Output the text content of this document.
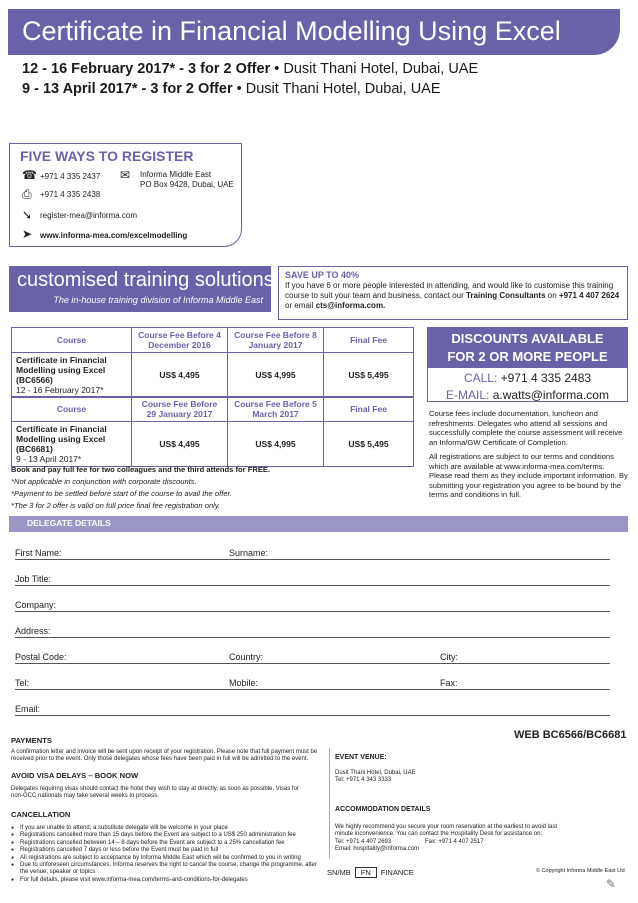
Certificate in Financial Modelling Using Excel
12 - 16 February 2017* - 3 for 2 Offer • Dusit Thani Hotel, Dubai, UAE
9 - 13 April 2017* - 3 for 2 Offer • Dusit Thani Hotel, Dubai, UAE
FIVE WAYS TO REGISTER
☎ +971 4 335 2437
+971 4 335 2438
⎙
✉ Informa Middle East
PO Box 9428, Dubai, UAE
➘ register-mea@informa.com
➤ www.informa-mea.com/excelmodelling
customised training solutions
The in-house training division of Informa Middle East
SAVE UP TO 40%
If you have 6 or more people interested in attending, and would like to customise this training
course to suit your team and business, contact our Training Consultants on +971 4 407 2624
or email cts@informa.com.
Course	Course Fee Before 4 December 2016	Course Fee Before 8 January 2017	Final Fee
Certificate in Financial Modelling using Excel (BC6566)
12 - 16 February 2017*	US$ 4,495	US$ 4,995	US$ 5,495
Course	Course Fee Before 29 January 2017	Course Fee Before 5 March 2017	Final Fee
Certificate in Financial Modelling using Excel (BC6681)
9 - 13 April 2017*	US$ 4,495	US$ 4,995	US$ 5,495
DISCOUNTS AVAILABLE
FOR 2 OR MORE PEOPLE
CALL: +971 4 335 2483
E-MAIL: a.watts@informa.com
Course fees include documentation, luncheon and refreshments. Delegates who attend all sessions and successfully complete the course assessment will receive an Informa/GW Certificate of Completion.
All registrations are subject to our terms and conditions which are available at www.informa-mea.com/terms. Please read them as they include important information. By submitting your registration you agree to be bound by the terms and conditions in full.
Book and pay full fee for two colleagues and the third attends for FREE.
*Not applicable in conjunction with corporate discounts.
*Payment to be settled before start of the course to avail the offer.
*The 3 for 2 offer is valid on full price final fee registration only.
DELEGATE DETAILS
First Name:	Surname:
Job Title:
Company:
Address:
Postal Code:	Country:	City:
Tel:	Mobile:	Fax:
Email:
WEB BC6566/BC6681
PAYMENTS
A confirmation letter and invoice will be sent upon receipt of your registration. Please note that full payment must be received prior to the event. Only those delegates whose fees have been paid in full will be admitted to the event.
AVOID VISA DELAYS – BOOK NOW
Delegates requiring visas should contact the hotel they wish to stay at directly, as soon as possible. Visas for non-GCC nationals may take several weeks to process.
CANCELLATION
● If you are unable to attend, a substitute delegate will be welcome in your place
● Registrations cancelled more than 15 days before the Event are subject to a US$ 250 administration fee
● Registrations cancelled between 14 – 8 days before the Event are subject to a 25% cancellation fee
● Registrations cancelled 7 days or less before the Event must be paid in full
● All registrations are subject to acceptance by Informa Middle East which will be confirmed to you in writing
● Due to unforeseen circumstances, Informa reserves the right to cancel the course, change the programme, alter the venue, speaker or topics
● For full details, please visit www.informa-mea.com/terms-and-conditions-for-delegates
EVENT VENUE:
Dusit Thani Hotel, Dubai, UAE
Tel: +971 4 343 3333
ACCOMMODATION DETAILS
We highly recommend you secure your room reservation at the earliest to avoid last minute inconvenience. You can contact the Hospitality Desk for assistance on:
Tel: +971 4 407 2693	Fax: +971 4 407 2517
Email: hospitality@informa.com
SN/MB FN FINANCE	© Copyright Informa Middle East Ltd
✎
